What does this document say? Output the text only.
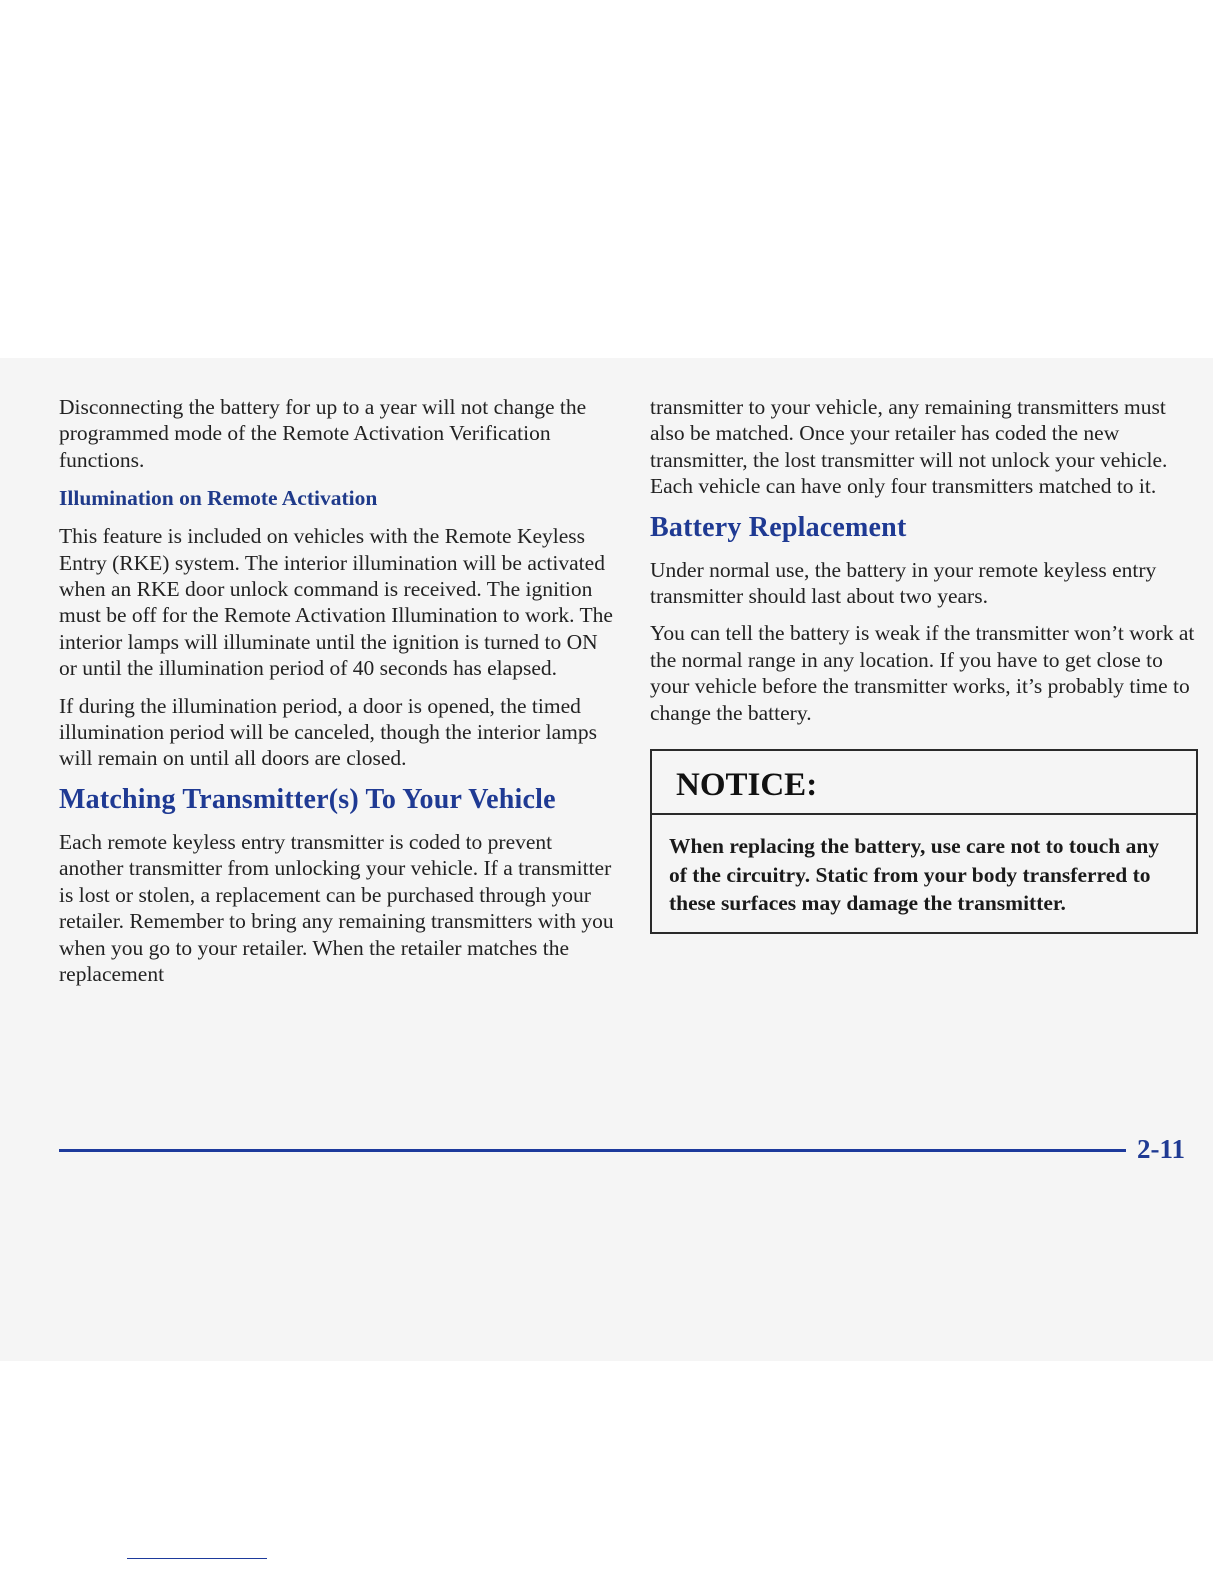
Disconnecting the battery for up to a year will not change the programmed mode of the Remote Activation Verification functions.

Illumination on Remote Activation

This feature is included on vehicles with the Remote Keyless Entry (RKE) system. The interior illumination will be activated when an RKE door unlock command is received. The ignition must be off for the Remote Activation Illumination to work. The interior lamps will illuminate until the ignition is turned to ON or until the illumination period of 40 seconds has elapsed.

If during the illumination period, a door is opened, the timed illumination period will be canceled, though the interior lamps will remain on until all doors are closed.

Matching Transmitter(s) To Your Vehicle

Each remote keyless entry transmitter is coded to prevent another transmitter from unlocking your vehicle. If a transmitter is lost or stolen, a replacement can be purchased through your retailer. Remember to bring any remaining transmitters with you when you go to your retailer. When the retailer matches the replacement

transmitter to your vehicle, any remaining transmitters must also be matched. Once your retailer has coded the new transmitter, the lost transmitter will not unlock your vehicle. Each vehicle can have only four transmitters matched to it.

Battery Replacement

Under normal use, the battery in your remote keyless entry transmitter should last about two years.

You can tell the battery is weak if the transmitter won’t work at the normal range in any location. If you have to get close to your vehicle before the transmitter works, it’s probably time to change the battery.

NOTICE:
When replacing the battery, use care not to touch any of the circuitry. Static from your body transferred to these surfaces may damage the transmitter.
2-11
